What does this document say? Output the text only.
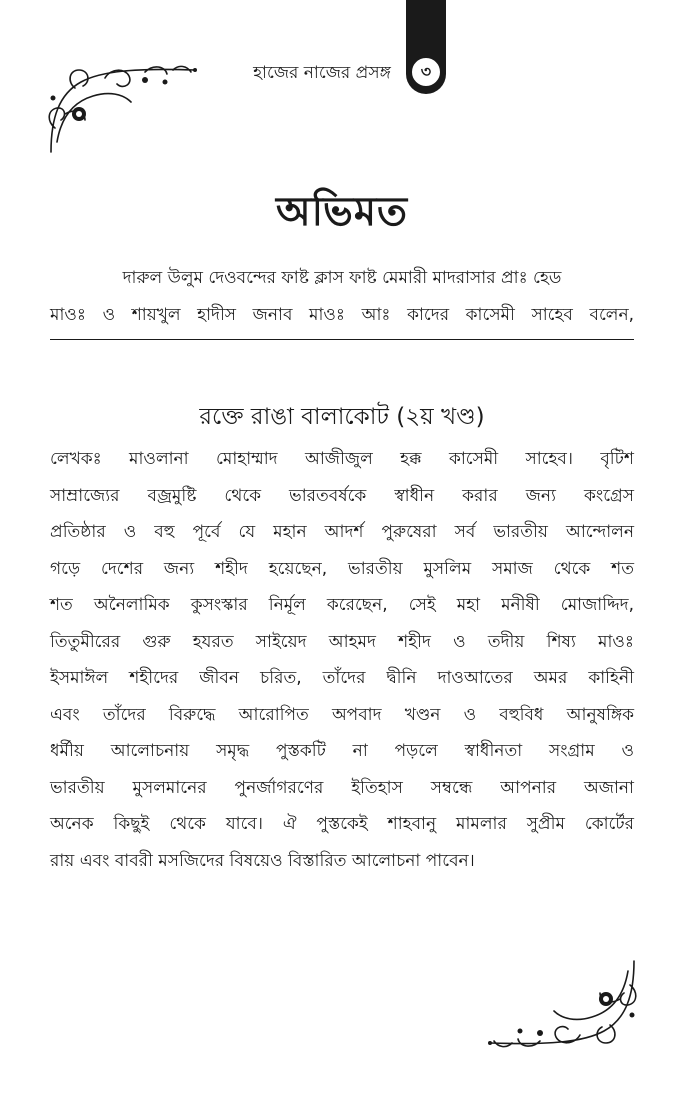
৩
হাজের নাজের প্রসঙ্গ
অভিমত
দারুল উলুম দেওবন্দের ফাষ্ট ক্লাস ফাষ্ট মেমারী মাদরাসার প্রাঃ হেড
মাওঃ ও শায়খুল হাদীস জনাব মাওঃ আঃ কাদের কাসেমী সাহেব বলেন,
রক্তে রাঙা বালাকোট (২য় খণ্ড)
লেখকঃ মাওলানা মোহাম্মাদ আজীজুল হক্ক কাসেমী সাহেব। বৃটিশ
সাম্রাজ্যের বজ্রমুষ্টি থেকে ভারতবর্ষকে স্বাধীন করার জন্য কংগ্রেস
প্রতিষ্ঠার ও বহু পূর্বে যে মহান আদর্শ পুরুষেরা সর্ব ভারতীয় আন্দোলন
গড়ে দেশের জন্য শহীদ হয়েছেন, ভারতীয় মুসলিম সমাজ থেকে শত
শত অনৈলামিক কুসংস্কার নির্মূল করেছেন, সেই মহা মনীষী মোজাদ্দিদ,
তিতুমীরের গুরু হযরত সাইয়েদ আহমদ শহীদ ও তদীয় শিষ্য মাওঃ
ইসমাঈল শহীদের জীবন চরিত, তাঁদের দ্বীনি দাওআতের অমর কাহিনী
এবং তাঁদের বিরুদ্ধে আরোপিত অপবাদ খণ্ডন ও বহুবিধ আনুষঙ্গিক
ধর্মীয় আলোচনায় সমৃদ্ধ পুস্তকটি না পড়লে স্বাধীনতা সংগ্রাম ও
ভারতীয় মুসলমানের পুনর্জাগরণের ইতিহাস সম্বন্ধে আপনার অজানা
অনেক কিছুই থেকে যাবে। ঐ পুস্তকেই শাহবানু মামলার সুপ্রীম কোর্টের
রায় এবং বাবরী মসজিদের বিষয়েও বিস্তারিত আলোচনা পাবেন।
